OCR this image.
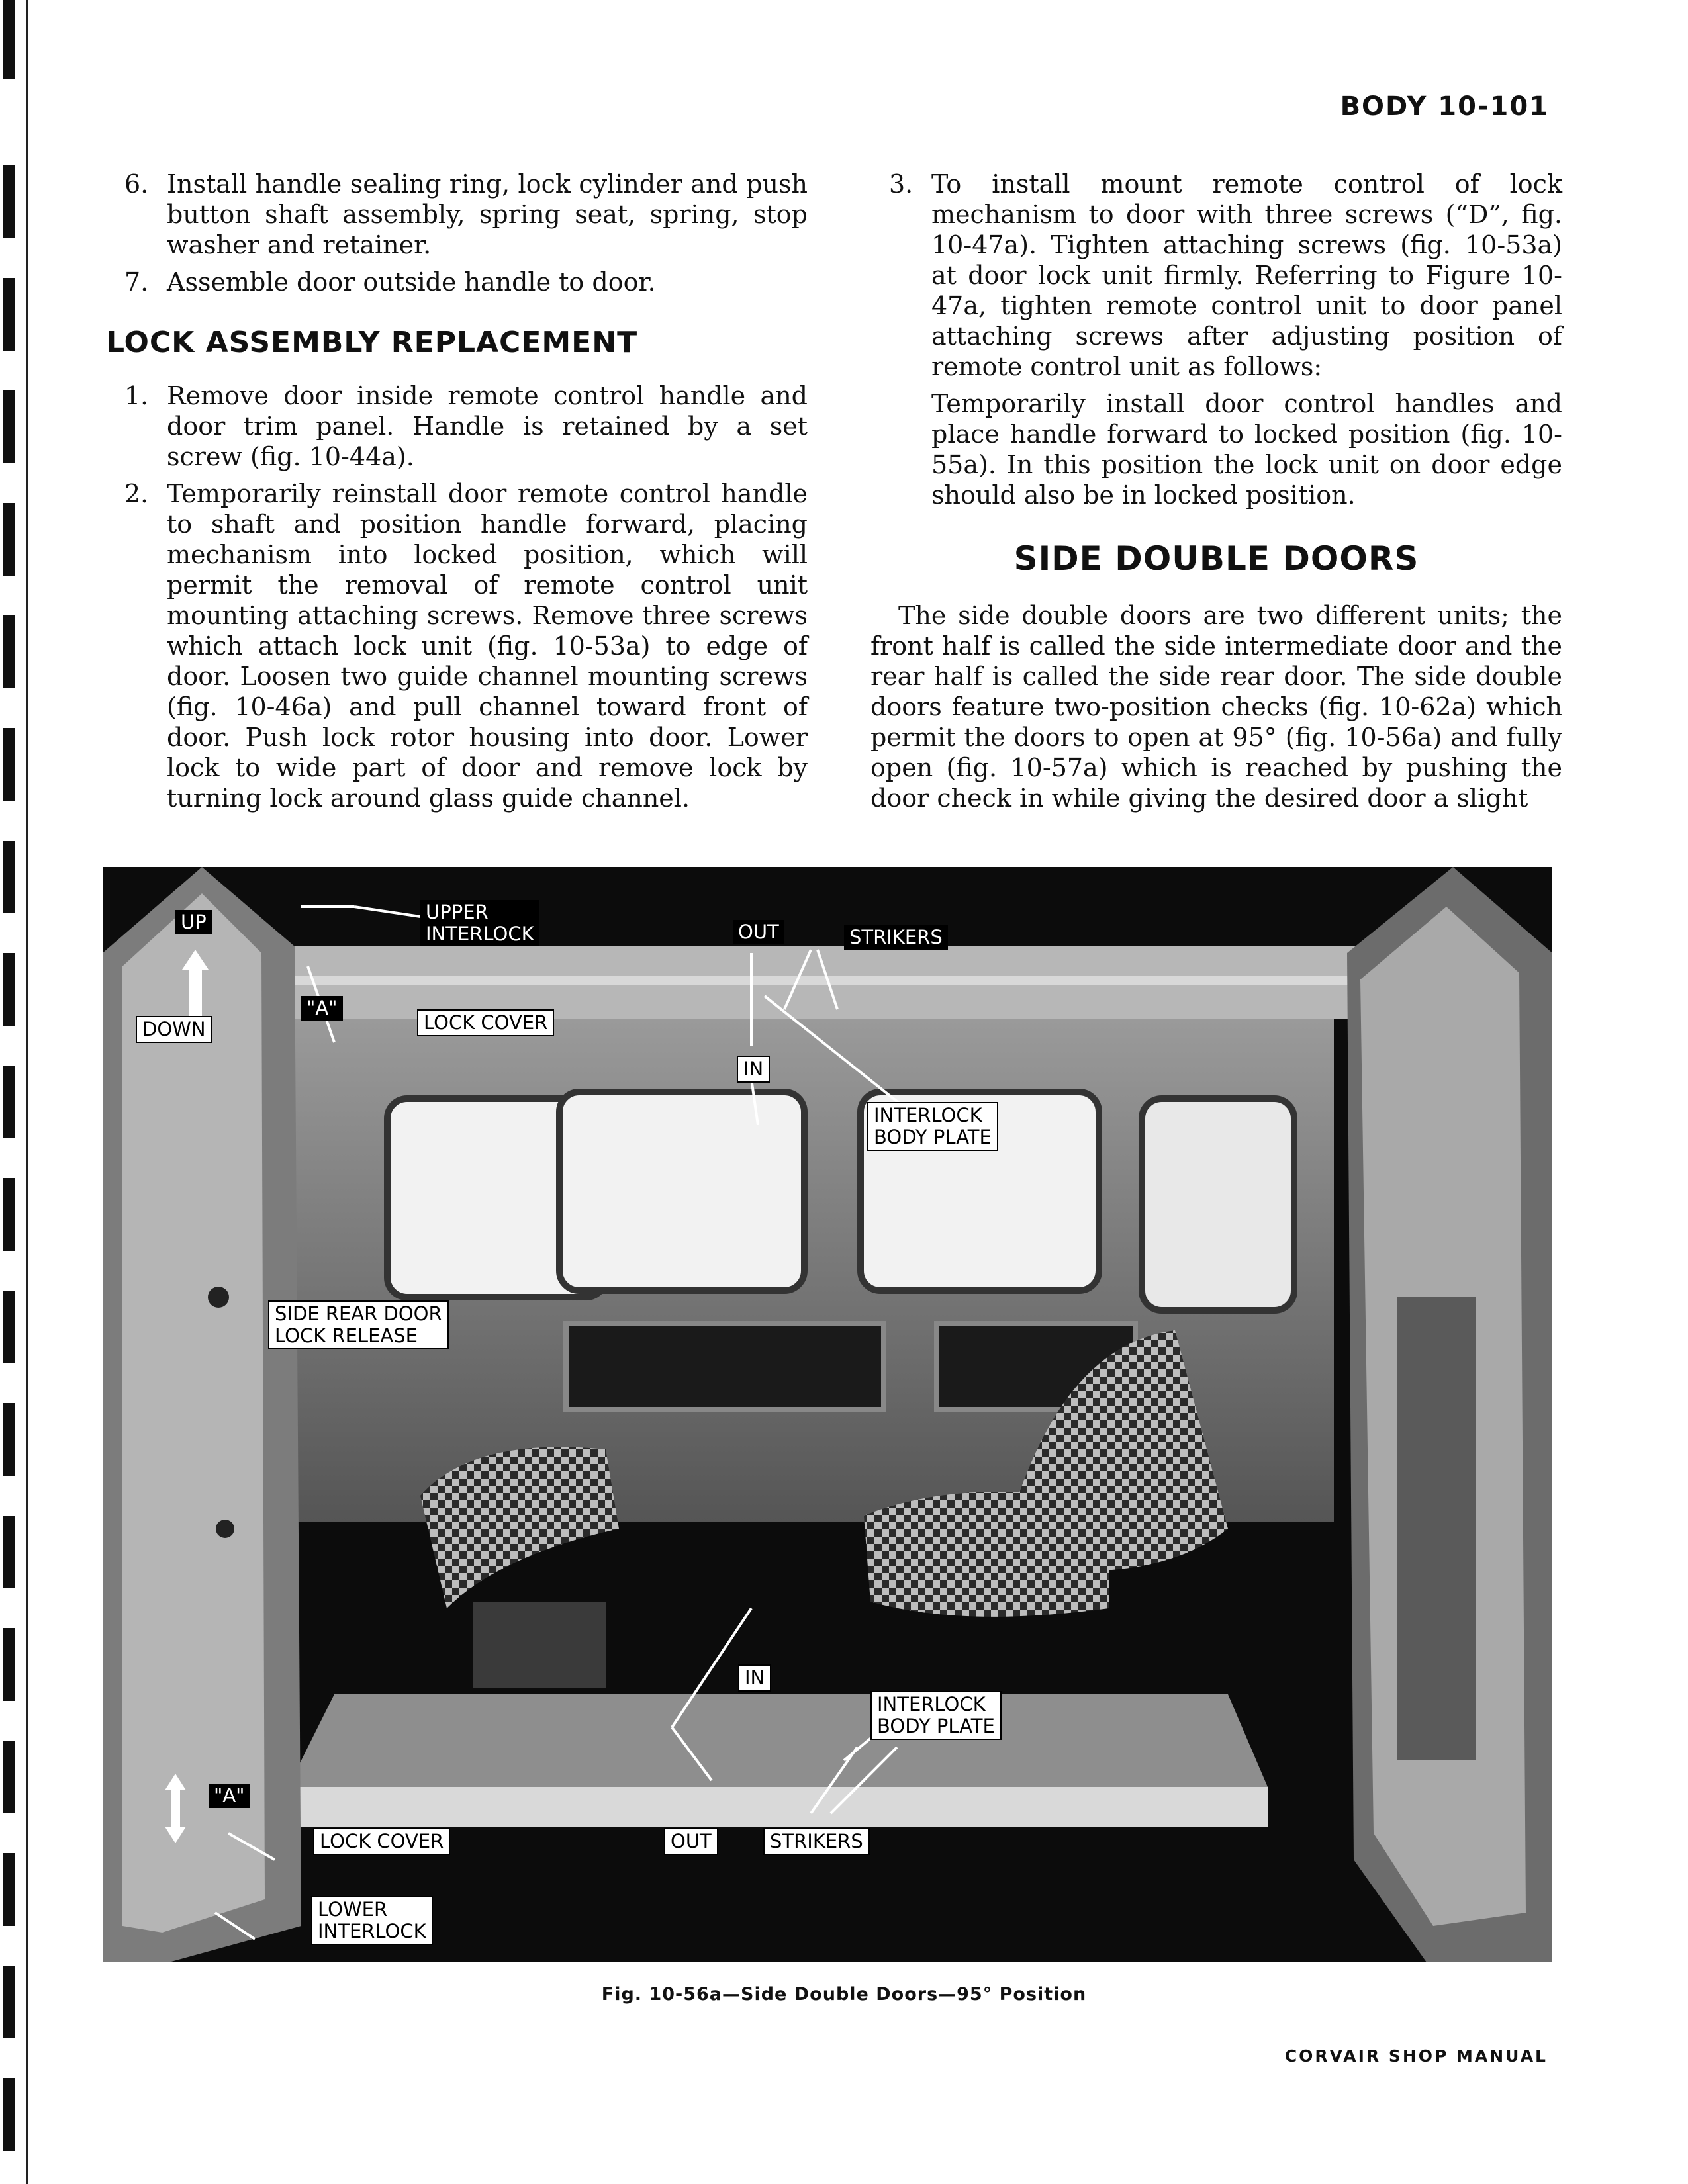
BODY 10-101
6. Install handle sealing ring, lock cylinder and push button shaft assembly, spring seat, spring, stop washer and retainer.
7. Assemble door outside handle to door.
LOCK ASSEMBLY REPLACEMENT
1. Remove door inside remote control handle and door trim panel. Handle is retained by a set screw (fig. 10-44a).
2. Temporarily reinstall door remote control handle to shaft and position handle forward, placing mechanism into locked position, which will permit the removal of remote control unit mounting attaching screws. Remove three screws which attach lock unit (fig. 10-53a) to edge of door. Loosen two guide channel mounting screws (fig. 10-46a) and pull channel toward front of door. Push lock rotor housing into door. Lower lock to wide part of door and remove lock by turning lock around glass guide channel.
3. To install mount remote control of lock mechanism to door with three screws (“D”, fig. 10-47a). Tighten attaching screws (fig. 10-53a) at door lock unit firmly. Referring to Figure 10-47a, tighten remote control unit to door panel attaching screws after adjusting position of remote control unit as follows:
Temporarily install door control handles and place handle forward to locked position (fig. 10-55a). In this position the lock unit on door edge should also be in locked position.
SIDE DOUBLE DOORS
The side double doors are two different units; the front half is called the side intermediate door and the rear half is called the side rear door. The side double doors feature two-position checks (fig. 10-62a) which permit the doors to open at 95° (fig. 10-56a) and fully open (fig. 10-57a) which is reached by pushing the door check in while giving the desired door a slight
UP	UPPER
INTERLOCK	OUT	STRIKERS
DOWN
"A"
LOCK COVER
IN
INTERLOCK
BODY PLATE
SIDE REAR DOOR
LOCK RELEASE
IN
INTERLOCK
BODY PLATE
"A"
LOCK COVER	OUT	STRIKERS
LOWER
INTERLOCK
Fig. 10-56a—Side Double Doors—95° Position
CORVAIR SHOP MANUAL
